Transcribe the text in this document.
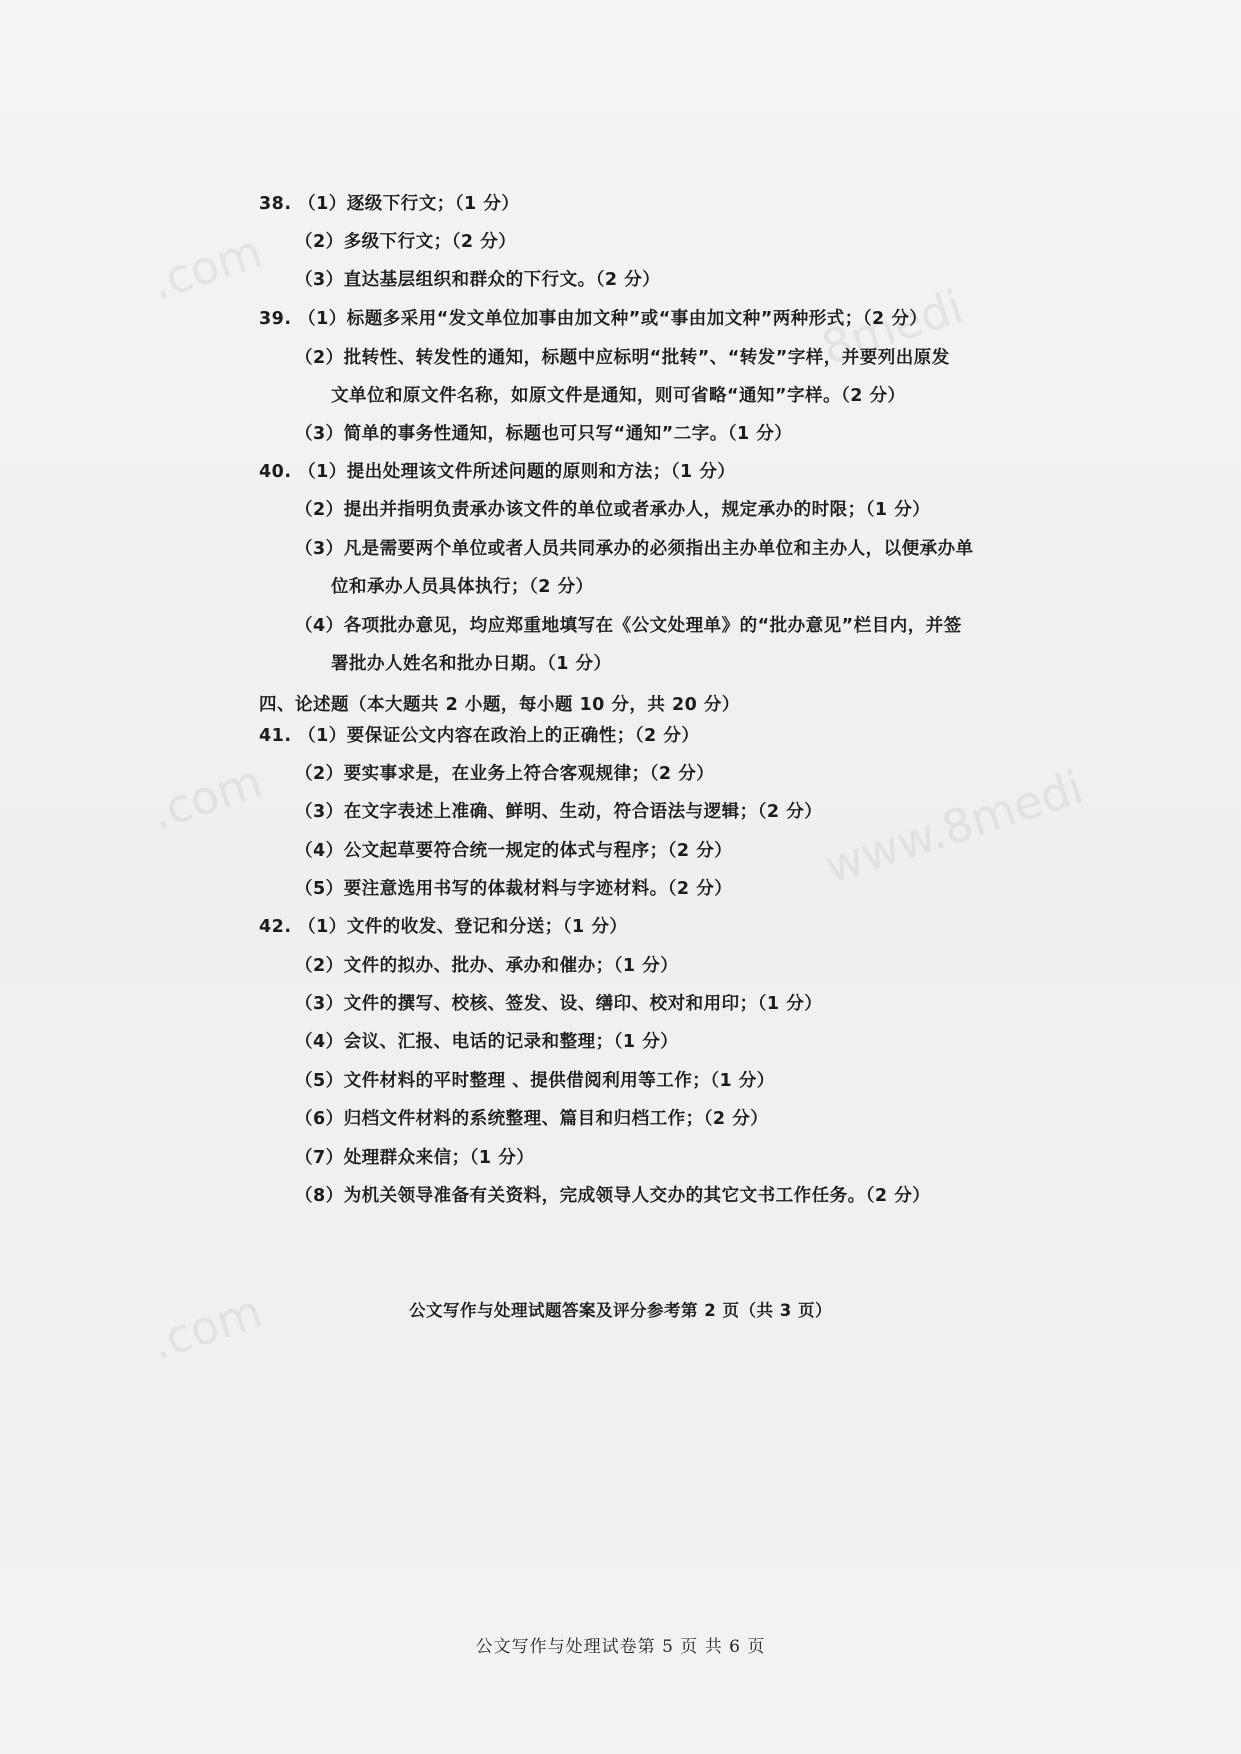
.com
8medi
.com	www.8medi
.com
38. （1）逐级下行文；（1 分）
（2）多级下行文；（2 分）
（3）直达基层组织和群众的下行文。（2 分）
39. （1）标题多采用“发文单位加事由加文种”或“事由加文种”两种形式；（2 分）
（2）批转性、转发性的通知，标题中应标明“批转”、“转发”字样，并要列出原发
文单位和原文件名称，如原文件是通知，则可省略“通知”字样。（2 分）
（3）简单的事务性通知，标题也可只写“通知”二字。（1 分）
40. （1）提出处理该文件所述问题的原则和方法；（1 分）
（2）提出并指明负责承办该文件的单位或者承办人，规定承办的时限；（1 分）
（3）凡是需要两个单位或者人员共同承办的必须指出主办单位和主办人，以便承办单
位和承办人员具体执行；（2 分）
（4）各项批办意见，均应郑重地填写在《公文处理单》的“批办意见”栏目内，并签
署批办人姓名和批办日期。（1 分）
四、论述题（本大题共 2 小题，每小题 10 分，共 20 分）
41. （1）要保证公文内容在政治上的正确性；（2 分）
（2）要实事求是，在业务上符合客观规律；（2 分）
（3）在文字表述上准确、鲜明、生动，符合语法与逻辑；（2 分）
（4）公文起草要符合统一规定的体式与程序；（2 分）
（5）要注意选用书写的体裁材料与字迹材料。（2 分）
42. （1）文件的收发、登记和分送；（1 分）
（2）文件的拟办、批办、承办和催办；（1 分）
（3）文件的撰写、校核、签发、设、缮印、校对和用印；（1 分）
（4）会议、汇报、电话的记录和整理；（1 分）
（5）文件材料的平时整理 、提供借阅利用等工作；（1 分）
（6）归档文件材料的系统整理、篇目和归档工作；（2 分）
（7）处理群众来信；（1 分）
（8）为机关领导准备有关资料，完成领导人交办的其它文书工作任务。（2 分）
公文写作与处理试题答案及评分参考第 2 页（共 3 页）
公文写作与处理试卷第 5 页 共 6 页
